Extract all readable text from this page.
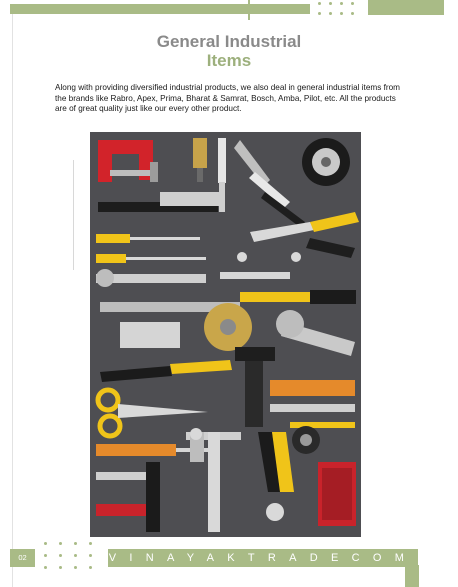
General Industrial
Items
Along with providing diversified industrial products, we also deal in general industrial items from the brands like Rabro, Apex, Prima, Bharat & Samrat, Bosch, Amba, Pilot, etc. All the products are of great quality just like our every other product.
02	VINAYAKTRADECOM
